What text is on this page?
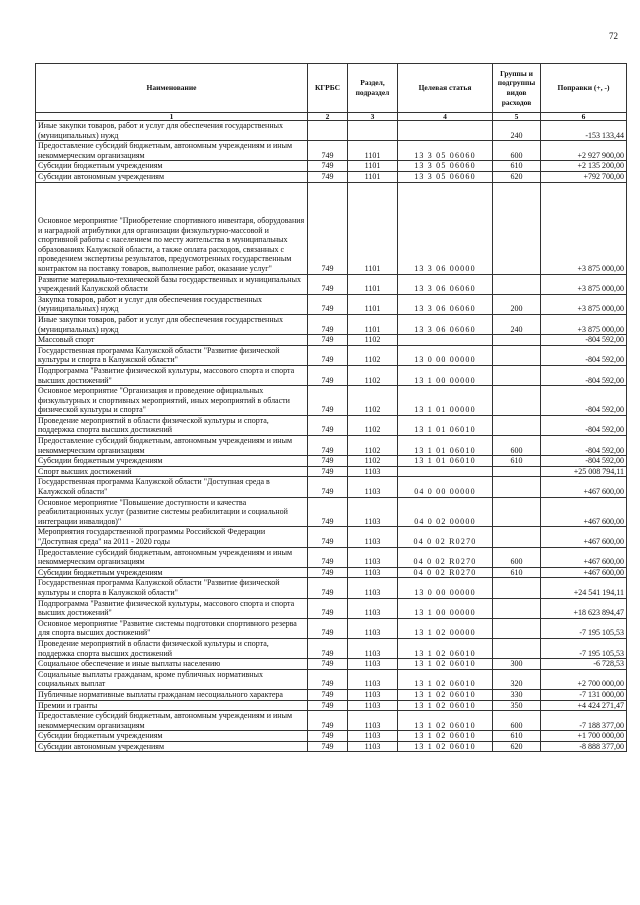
72
Наименование	КГРБС	Раздел, подраздел	Целевая статья	Группы и подгруппы видов расходов	Поправки (+, -)
1	2	3	4	5	6
Иные закупки товаров, работ и услуг для обеспечения государственных (муниципальных) нужд				240	-153 133,44
Предоставление субсидий бюджетным, автономным учреждениям и иным некоммерческим организациям	749	1101	13 3 05 06060	600	+2 927 900,00
Субсидии бюджетным учреждениям	749	1101	13 3 05 06060	610	+2 135 200,00
Субсидии автономным учреждениям	749	1101	13 3 05 06060	620	+792 700,00
Основное мероприятие "Приобретение спортивного инвентаря, оборудования и наградной атрибутики для организации физкультурно-массовой и спортивной работы с населением по месту жительства в муниципальных образованиях Калужской области, а также оплата расходов, связанных с проведением экспертизы результатов, предусмотренных государственным контрактом на поставку товаров, выполнение работ, оказание услуг"	749	1101	13 3 06 00000		+3 875 000,00
Развитие материально-технической базы государственных и муниципальных учреждений Калужской области	749	1101	13 3 06 06060		+3 875 000,00
Закупка товаров, работ и услуг для обеспечения государственных (муниципальных) нужд	749	1101	13 3 06 06060	200	+3 875 000,00
Иные закупки товаров, работ и услуг для обеспечения государственных (муниципальных) нужд	749	1101	13 3 06 06060	240	+3 875 000,00
Массовый спорт	749	1102			-804 592,00
Государственная программа Калужской области "Развитие физической культуры и спорта в Калужской области"	749	1102	13 0 00 00000		-804 592,00
Подпрограмма "Развитие физической культуры, массового спорта и спорта высших достижений"	749	1102	13 1 00 00000		-804 592,00
Основное мероприятие "Организация и проведение официальных физкультурных и спортивных мероприятий, иных мероприятий в области физической культуры и спорта"	749	1102	13 1 01 00000		-804 592,00
Проведение мероприятий в области физической культуры и спорта, поддержка спорта высших достижений	749	1102	13 1 01 06010		-804 592,00
Предоставление субсидий бюджетным, автономным учреждениям и иным некоммерческим организациям	749	1102	13 1 01 06010	600	-804 592,00
Субсидии бюджетным учреждениям	749	1102	13 1 01 06010	610	-804 592,00
Спорт высших достижений	749	1103			+25 008 794,11
Государственная программа Калужской области "Доступная среда в Калужской области"	749	1103	04 0 00 00000		+467 600,00
Основное мероприятие "Повышение доступности и качества реабилитационных услуг (развитие системы реабилитации и социальной интеграции инвалидов)"	749	1103	04 0 02 00000		+467 600,00
Мероприятия государственной программы Российской Федерации "Доступная среда" на 2011 - 2020 годы	749	1103	04 0 02 R0270		+467 600,00
Предоставление субсидий бюджетным, автономным учреждениям и иным некоммерческим организациям	749	1103	04 0 02 R0270	600	+467 600,00
Субсидии бюджетным учреждениям	749	1103	04 0 02 R0270	610	+467 600,00
Государственная программа Калужской области "Развитие физической культуры и спорта в Калужской области"	749	1103	13 0 00 00000		+24 541 194,11
Подпрограмма "Развитие физической культуры, массового спорта и спорта высших достижений"	749	1103	13 1 00 00000		+18 623 894,47
Основное мероприятие "Развитие системы подготовки спортивного резерва для спорта высших достижений"	749	1103	13 1 02 00000		-7 195 105,53
Проведение мероприятий в области физической культуры и спорта, поддержка спорта высших достижений	749	1103	13 1 02 06010		-7 195 105,53
Социальное обеспечение и иные выплаты населению	749	1103	13 1 02 06010	300	-6 728,53
Социальные выплаты гражданам, кроме публичных нормативных социальных выплат	749	1103	13 1 02 06010	320	+2 700 000,00
Публичные нормативные выплаты гражданам несоциального характера	749	1103	13 1 02 06010	330	-7 131 000,00
Премии и гранты	749	1103	13 1 02 06010	350	+4 424 271,47
Предоставление субсидий бюджетным, автономным учреждениям и иным некоммерческим организациям	749	1103	13 1 02 06010	600	-7 188 377,00
Субсидии бюджетным учреждениям	749	1103	13 1 02 06010	610	+1 700 000,00
Субсидии автономным учреждениям	749	1103	13 1 02 06010	620	-8 888 377,00
